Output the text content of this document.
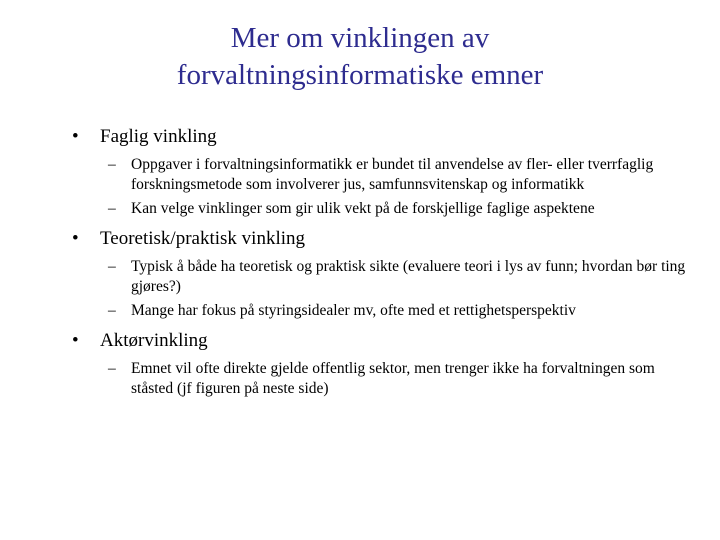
Mer om vinklingen av
forvaltningsinformatiske emner
• Faglig vinkling
– Oppgaver i forvaltningsinformatikk er bundet til anvendelse av fler- eller tverrfaglig forskningsmetode som involverer jus, samfunnsvitenskap og informatikk
– Kan velge vinklinger som gir ulik vekt på de forskjellige faglige aspektene
• Teoretisk/praktisk vinkling
– Typisk å både ha teoretisk og praktisk sikte (evaluere teori i lys av funn; hvordan bør ting gjøres?)
– Mange har fokus på styringsidealer mv, ofte med et rettighetsperspektiv
• Aktørvinkling
– Emnet vil ofte direkte gjelde offentlig sektor, men trenger ikke ha forvaltningen som ståsted (jf figuren på neste side)
